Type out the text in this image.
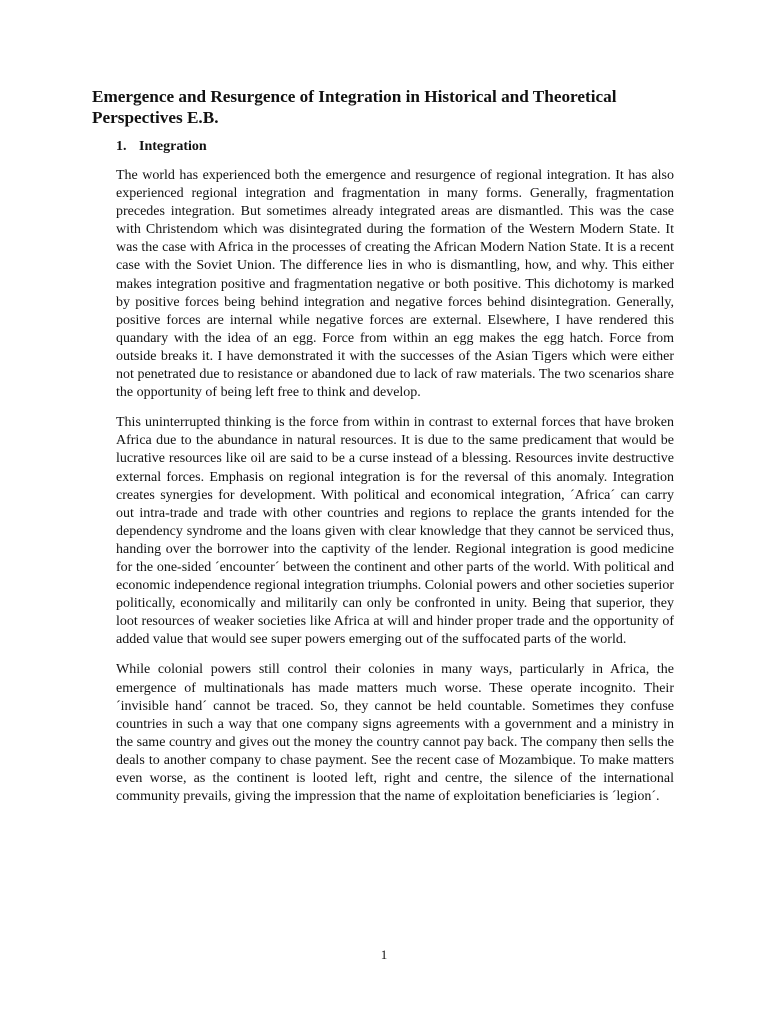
Emergence and Resurgence of Integration in Historical and Theoretical Perspectives E.B.
1. Integration

The world has experienced both the emergence and resurgence of regional integration. It has also experienced regional integration and fragmentation in many forms. Generally, fragmentation precedes integration. But sometimes already integrated areas are dismantled. This was the case with Christendom which was disintegrated during the formation of the Western Modern State. It was the case with Africa in the processes of creating the African Modern Nation State. It is a recent case with the Soviet Union. The difference lies in who is dismantling, how, and why. This either makes integration positive and fragmentation negative or both positive. This dichotomy is marked by positive forces being behind integration and negative forces behind disintegration. Generally, positive forces are internal while negative forces are external. Elsewhere, I have rendered this quandary with the idea of an egg. Force from within an egg makes the egg hatch. Force from outside breaks it. I have demonstrated it with the successes of the Asian Tigers which were either not penetrated due to resistance or abandoned due to lack of raw materials. The two scenarios share the opportunity of being left free to think and develop.

This uninterrupted thinking is the force from within in contrast to external forces that have broken Africa due to the abundance in natural resources. It is due to the same predicament that would be lucrative resources like oil are said to be a curse instead of a blessing. Resources invite destructive external forces. Emphasis on regional integration is for the reversal of this anomaly. Integration creates synergies for development. With political and economical integration, ´Africa´ can carry out intra-trade and trade with other countries and regions to replace the grants intended for the dependency syndrome and the loans given with clear knowledge that they cannot be serviced thus, handing over the borrower into the captivity of the lender. Regional integration is good medicine for the one-sided ´encounter´ between the continent and other parts of the world. With political and economic independence regional integration triumphs. Colonial powers and other societies superior politically, economically and militarily can only be confronted in unity. Being that superior, they loot resources of weaker societies like Africa at will and hinder proper trade and the opportunity of added value that would see super powers emerging out of the suffocated parts of the world.

While colonial powers still control their colonies in many ways, particularly in Africa, the emergence of multinationals has made matters much worse. These operate incognito. Their ´invisible hand´ cannot be traced. So, they cannot be held countable. Sometimes they confuse countries in such a way that one company signs agreements with a government and a ministry in the same country and gives out the money the country cannot pay back. The company then sells the deals to another company to chase payment. See the recent case of Mozambique. To make matters even worse, as the continent is looted left, right and centre, the silence of the international community prevails, giving the impression that the name of exploitation beneficiaries is ´legion´.

1
